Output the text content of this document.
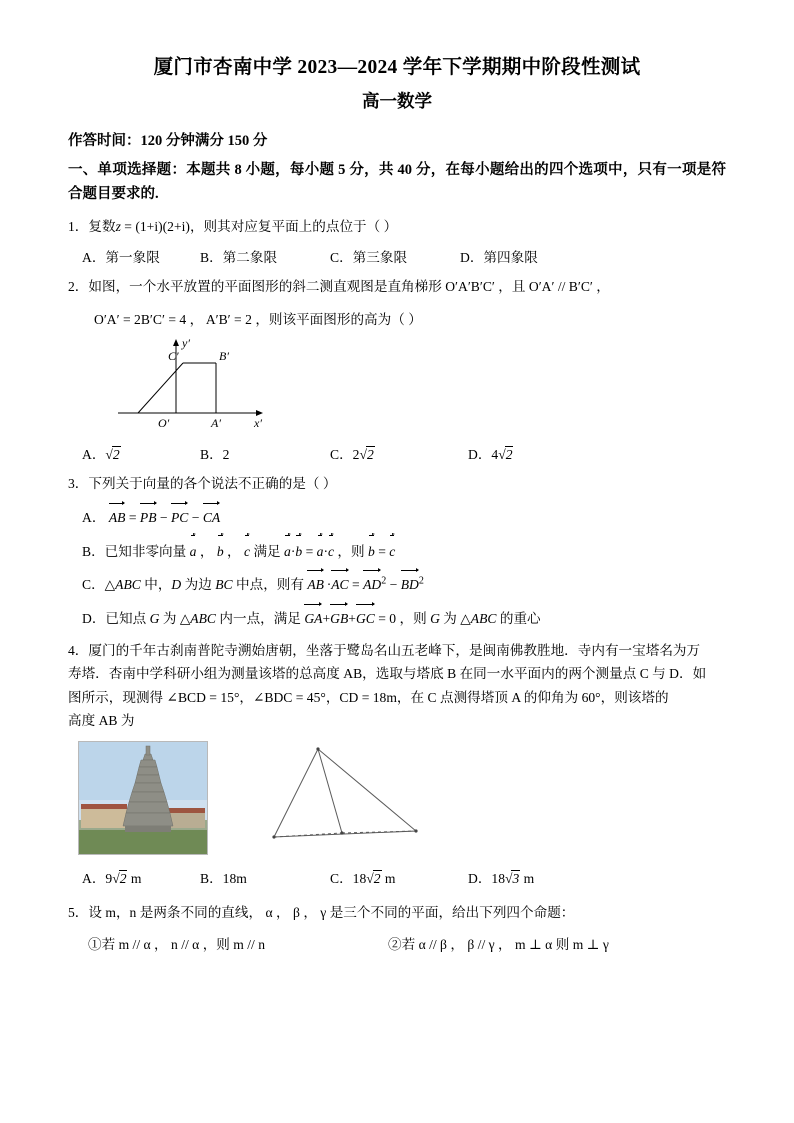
厦门市杏南中学 2023—2024 学年下学期期中阶段性测试
高一数学
作答时间：120 分钟满分 150 分
一、单项选择题：本题共 8 小题，每小题 5 分，共 40 分，在每小题给出的四个选项中，只有一项是符合题目要求的.
1．复数z = (1+i)(2+i)，则其对应复平面上的点位于（ ）
A．第一象限	B．第二象限	C．第三象限	D．第四象限
2．如图，一个水平放置的平面图形的斜二测直观图是直角梯形 O′A′B′C′ ，且 O′A′ // B′C′ ，
O′A′ = 2B′C′ = 4 ， A′B′ = 2 ，则该平面图形的高为（ ）
y′
x′
O′
C′	B′
A′
A．√2	B．2	C．2√2	D．4√2
3．下列关于向量的各个说法不正确的是（ ）
A． AB = PB − PC − CA
B．已知非零向量 a ， b ， c 满足 a·b = a·c ，则 b = c
C．△ABC 中，D 为边 BC 中点，则有 AB $\cdot AC = AD^2 - BD^2$
D．已知点 G 为 △ABC 内一点，满足 GA+GB+GC = 0 ，则 G 为 △ABC 的重心
4．厦门的千年古刹南普陀寺溯始唐朝，坐落于鹭岛名山五老峰下，是闽南佛教胜地．寺内有一宝塔名为万
寿塔．杏南中学科研小组为测量该塔的总高度 AB，选取与塔底 B 在同一水平面内的两个测量点 C 与 D．如
图所示，现测得 ∠BCD = 15°，∠BDC = 45°，CD = 18m，在 C 点测得塔顶 A 的仰角为 60°，则该塔的
高度 AB 为
A．9√2 m	B．18m	C．18√2 m	D．18√3 m
5．设 m，n 是两条不同的直线， α ， β ， γ 是三个不同的平面，给出下列四个命题：
①若 m // α ， n // α ，则 m // n	②若 α // β ， β // γ ， m ⊥ α 则 m ⊥ γ
